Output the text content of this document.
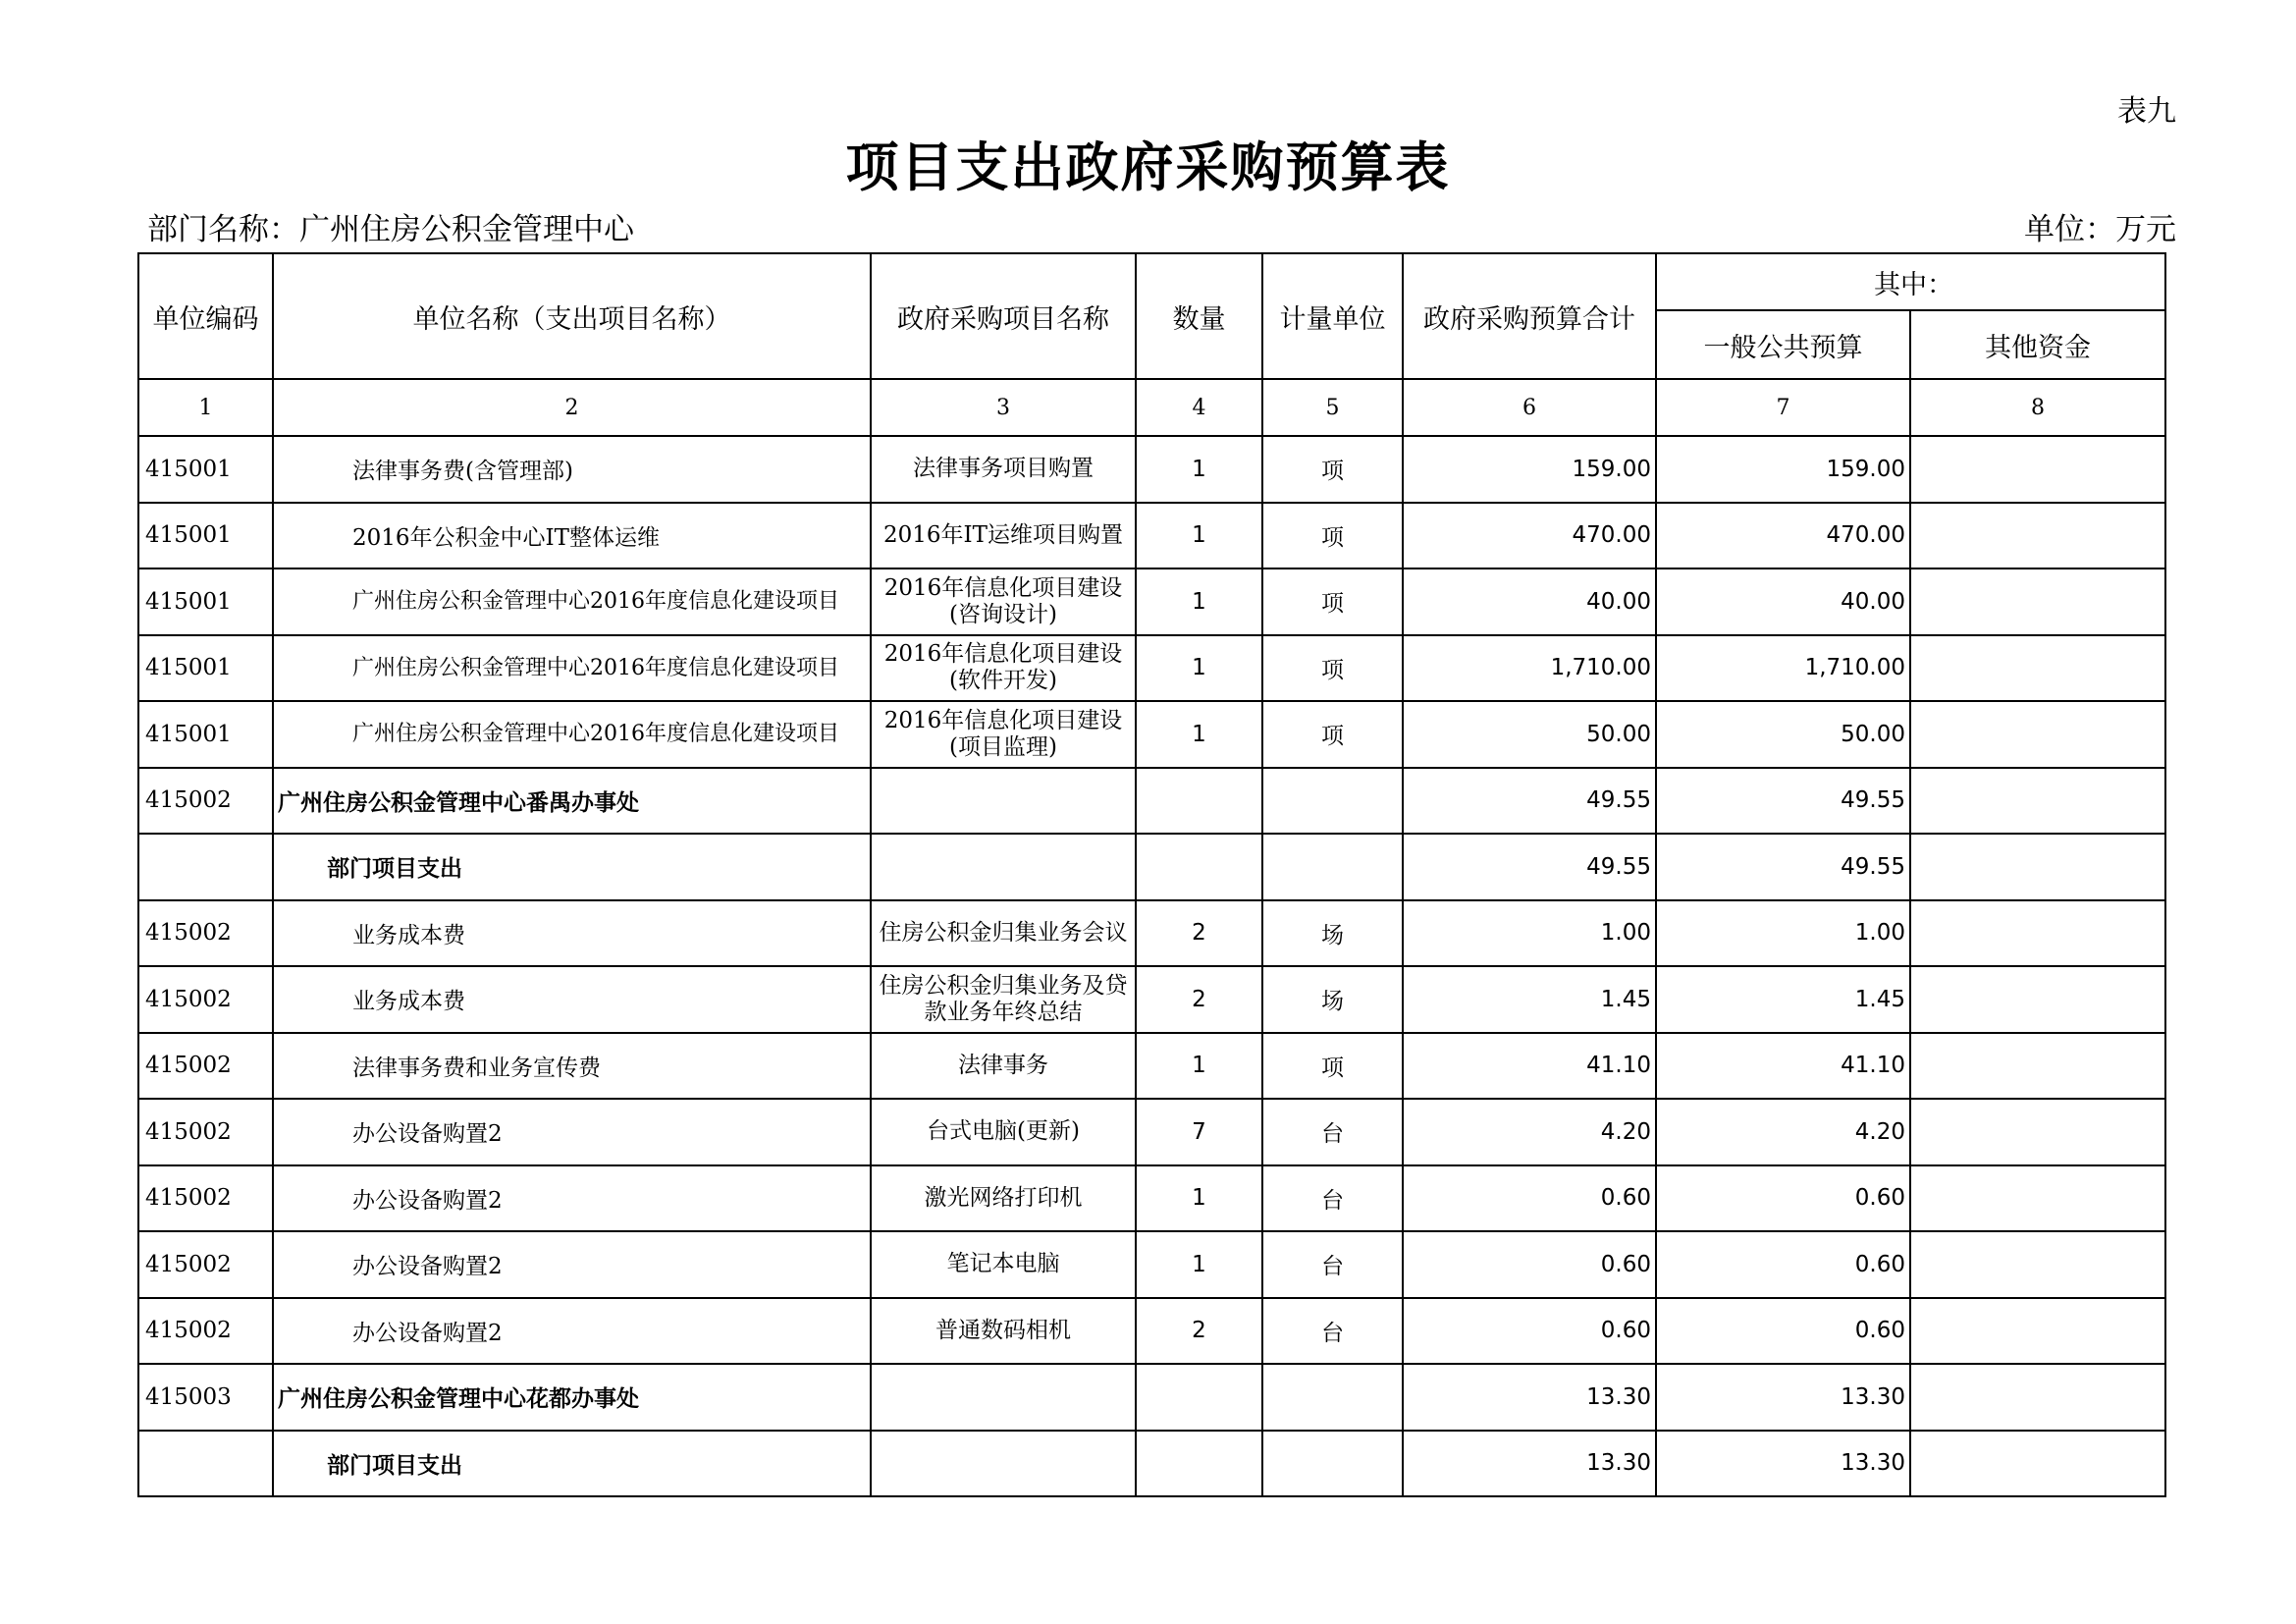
表九
项目支出政府采购预算表
部门名称：广州住房公积金管理中心	单位：万元
单位编码	单位名称（支出项目名称）	政府采购项目名称	数量	计量单位	政府采购预算合计	其中：	
						一般公共预算	其他资金
1	2	3	4	5	6	7	8
415001	法律事务费(含管理部)	法律事务项目购置	1	项	159.00	159.00	
415001	2016年公积金中心IT整体运维	2016年IT运维项目购置	1	项	470.00	470.00	
415001	广州住房公积金管理中心2016年度信息化建设项目	2016年信息化项目建设(咨询设计)	1	项	40.00	40.00	
415001	广州住房公积金管理中心2016年度信息化建设项目	2016年信息化项目建设(软件开发)	1	项	1,710.00	1,710.00	
415001	广州住房公积金管理中心2016年度信息化建设项目	2016年信息化项目建设(项目监理)	1	项	50.00	50.00	
415002	广州住房公积金管理中心番禺办事处				49.55	49.55	

	部门项目支出				49.55	49.55	
415002	业务成本费	住房公积金归集业务会议	2	场	1.00	1.00	
415002	业务成本费	住房公积金归集业务及贷款业务年终总结	2	场	1.45	1.45	
415002	法律事务费和业务宣传费	法律事务	1	项	41.10	41.10	
415002	办公设备购置2	台式电脑(更新)	7	台	4.20	4.20	
415002	办公设备购置2	激光网络打印机	1	台	0.60	0.60	
415002	办公设备购置2	笔记本电脑	1	台	0.60	0.60	
415002	办公设备购置2	普通数码相机	2	台	0.60	0.60	
415003	广州住房公积金管理中心花都办事处				13.30	13.30	

	部门项目支出				13.30	13.30	
